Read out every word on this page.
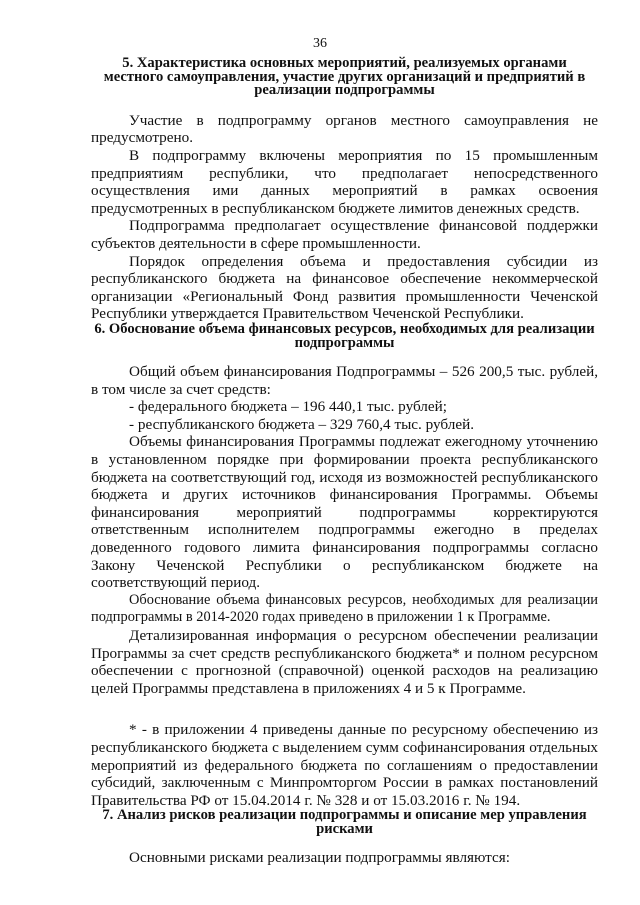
36
5. Характеристика основных мероприятий, реализуемых органами местного самоуправления, участие других организаций и предприятий в реализации подпрограммы

Участие в подпрограмму органов местного самоуправления не предусмотрено.

В подпрограмму включены мероприятия по 15 промышленным предприятиям республики, что предполагает непосредственного осуществления ими данных мероприятий в рамках освоения предусмотренных в республиканском бюджете лимитов денежных средств.

Подпрограмма предполагает осуществление финансовой поддержки субъектов деятельности в сфере промышленности.

Порядок определения объема и предоставления субсидии из республиканского бюджета на финансовое обеспечение некоммерческой организации «Региональный Фонд развития промышленности Чеченской Республики утверждается Правительством Чеченской Республики.

6. Обоснование объема финансовых ресурсов, необходимых для реализации подпрограммы

Общий объем финансирования Подпрограммы – 526 200,5 тыс. рублей, в том числе за счет средств:

- федерального бюджета – 196 440,1 тыс. рублей;

- республиканского бюджета – 329 760,4 тыс. рублей.

Объемы финансирования Программы подлежат ежегодному уточнению в установленном порядке при формировании проекта республиканского бюджета на соответствующий год, исходя из возможностей республиканского бюджета и других источников финансирования Программы. Объемы финансирования мероприятий подпрограммы корректируются ответственным исполнителем подпрограммы ежегодно в пределах доведенного годового лимита финансирования подпрограммы согласно Закону Чеченской Республики о республиканском бюджете на соответствующий период.

Обоснование объема финансовых ресурсов, необходимых для реализации подпрограммы в 2014-2020 годах приведено в приложении 1 к Программе.

Детализированная информация о ресурсном обеспечении реализации Программы за счет средств республиканского бюджета* и полном ресурсном обеспечении с прогнозной (справочной) оценкой расходов на реализацию целей Программы представлена в приложениях 4 и 5 к Программе.

* - в приложении 4 приведены данные по ресурсному обеспечению из республиканского бюджета с выделением сумм софинансирования отдельных мероприятий из федерального бюджета по соглашениям о предоставлении субсидий, заключенным с Минпромторгом России в рамках постановлений Правительства РФ от 15.04.2014 г. № 328 и от 15.03.2016 г. № 194.

7. Анализ рисков реализации подпрограммы и описание мер управления рисками

Основными рисками реализации подпрограммы являются:
